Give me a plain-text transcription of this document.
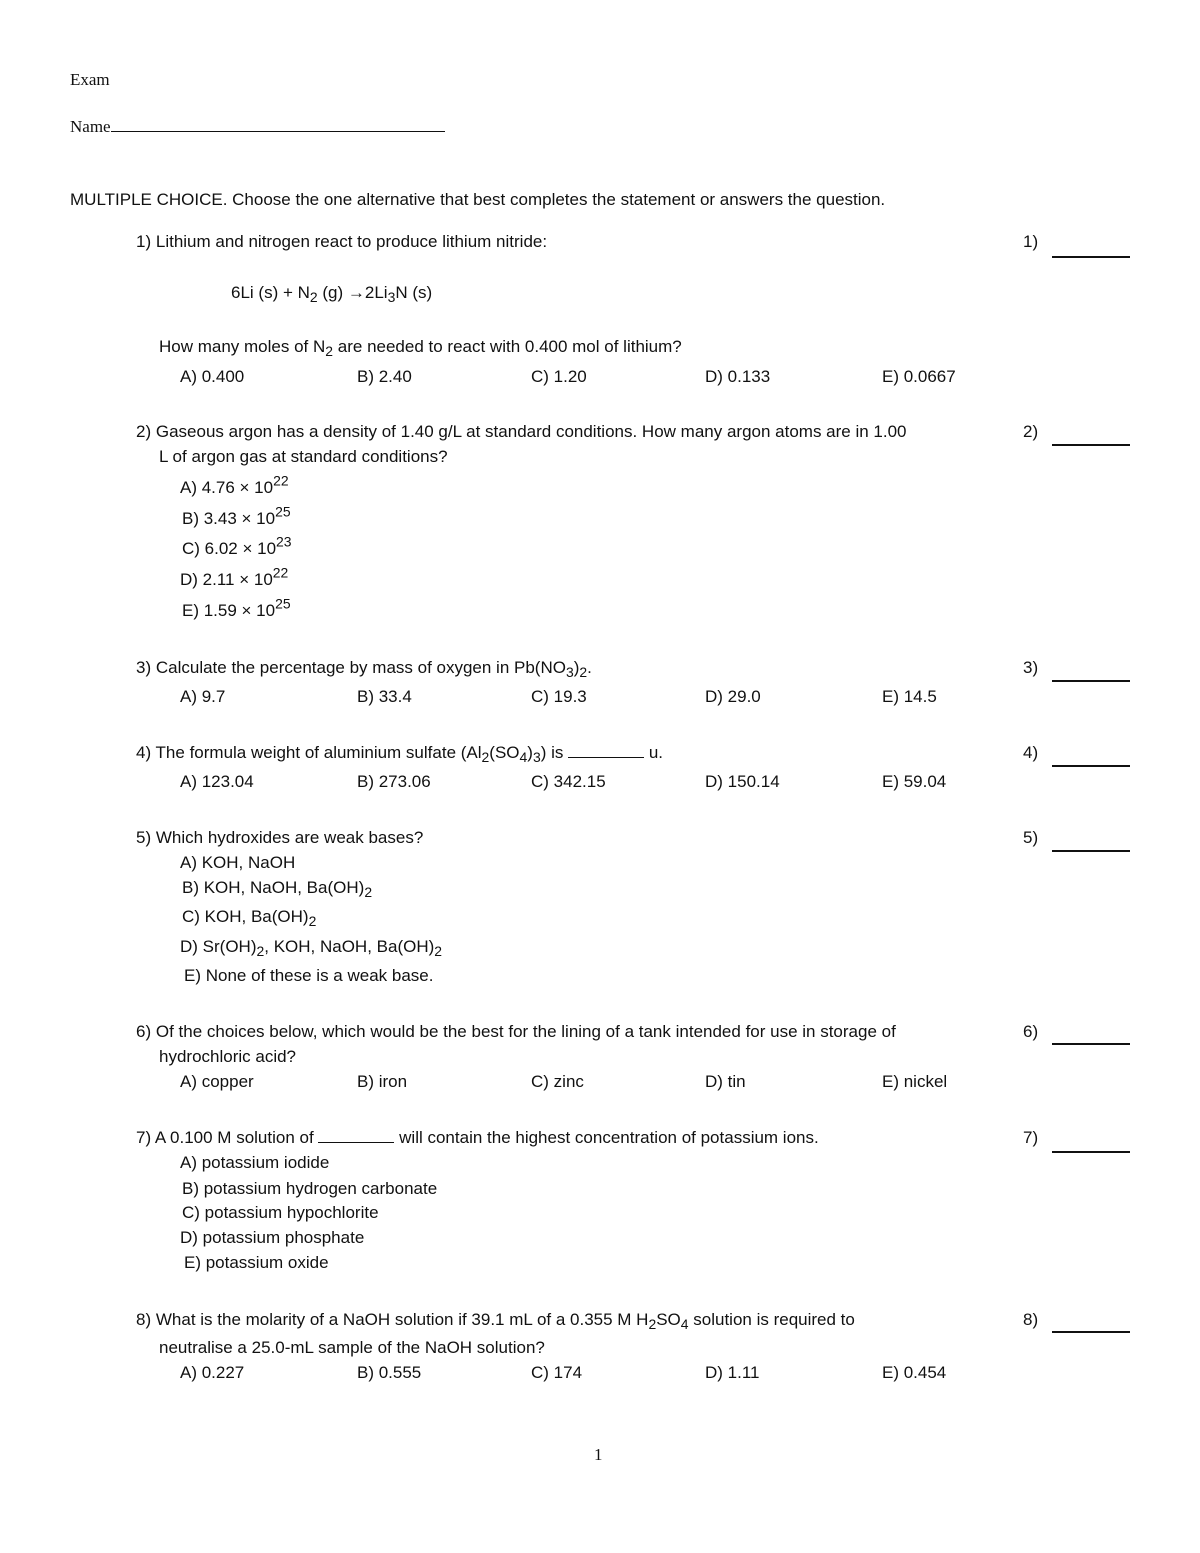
Exam
Name
MULTIPLE CHOICE. Choose the one alternative that best completes the statement or answers the question.
1) Lithium and nitrogen react to produce lithium nitride:	1)
6Li $(s) + N_2$ $(g) \to 2Li_3N$ (s)
How many moles of $N_2$ are needed to react with 0.400 mol of lithium?
A) 0.400	B) 2.40	C) 1.20	D) 0.133	E) 0.0667
2) Gaseous argon has a density of 1.40 g/L at standard conditions. How many argon atoms are in 1.00
L of argon gas at standard conditions?
2)
A) $4.76 \times 10^{22}$
B) $3.43 \times 10^{25}$
C) $6.02 \times 10^{23}$
D) $2.11 \times 10^{22}$
E) $1.59 \times 10^{25}$
3) Calculate the percentage by mass of oxygen in $Pb(NO_3)_2$.	3)
A) 9.7	B) 33.4	C) 19.3	D) 29.0	E) 14.5
4) The formula weight of aluminium sulfate $(Al_2(SO_4)_3)$ is	u.	4)
A) 123.04	B) 273.06	C) 342.15	D) 150.14	E) 59.04
5) Which hydroxides are weak bases?	5)
A) KOH, NaOH
B) KOH, NaOH, $Ba(OH)_2$
C) KOH, $Ba(OH)_2$
D) $Sr(OH)_2$, KOH, NaOH, $Ba(OH)_2$
E) None of these is a weak base.
6) Of the choices below, which would be the best for the lining of a tank intended for use in storage of
hydrochloric acid?
6)
A) copper	B) iron	C) zinc	D) tin	E) nickel
7) A 0.100 M solution of	will contain the highest concentration of potassium ions.	7)
A) potassium iodide
B) potassium hydrogen carbonate
C) potassium hypochlorite
D) potassium phosphate
E) potassium oxide
8) What is the molarity of a NaOH solution if 39.1 mL of a 0.355 M $H_2SO_4$ solution is required to
neutralise a 25.0-mL sample of the NaOH solution?
8)
A) 0.227	B) 0.555	C) 174	D) 1.11	E) 0.454
1
